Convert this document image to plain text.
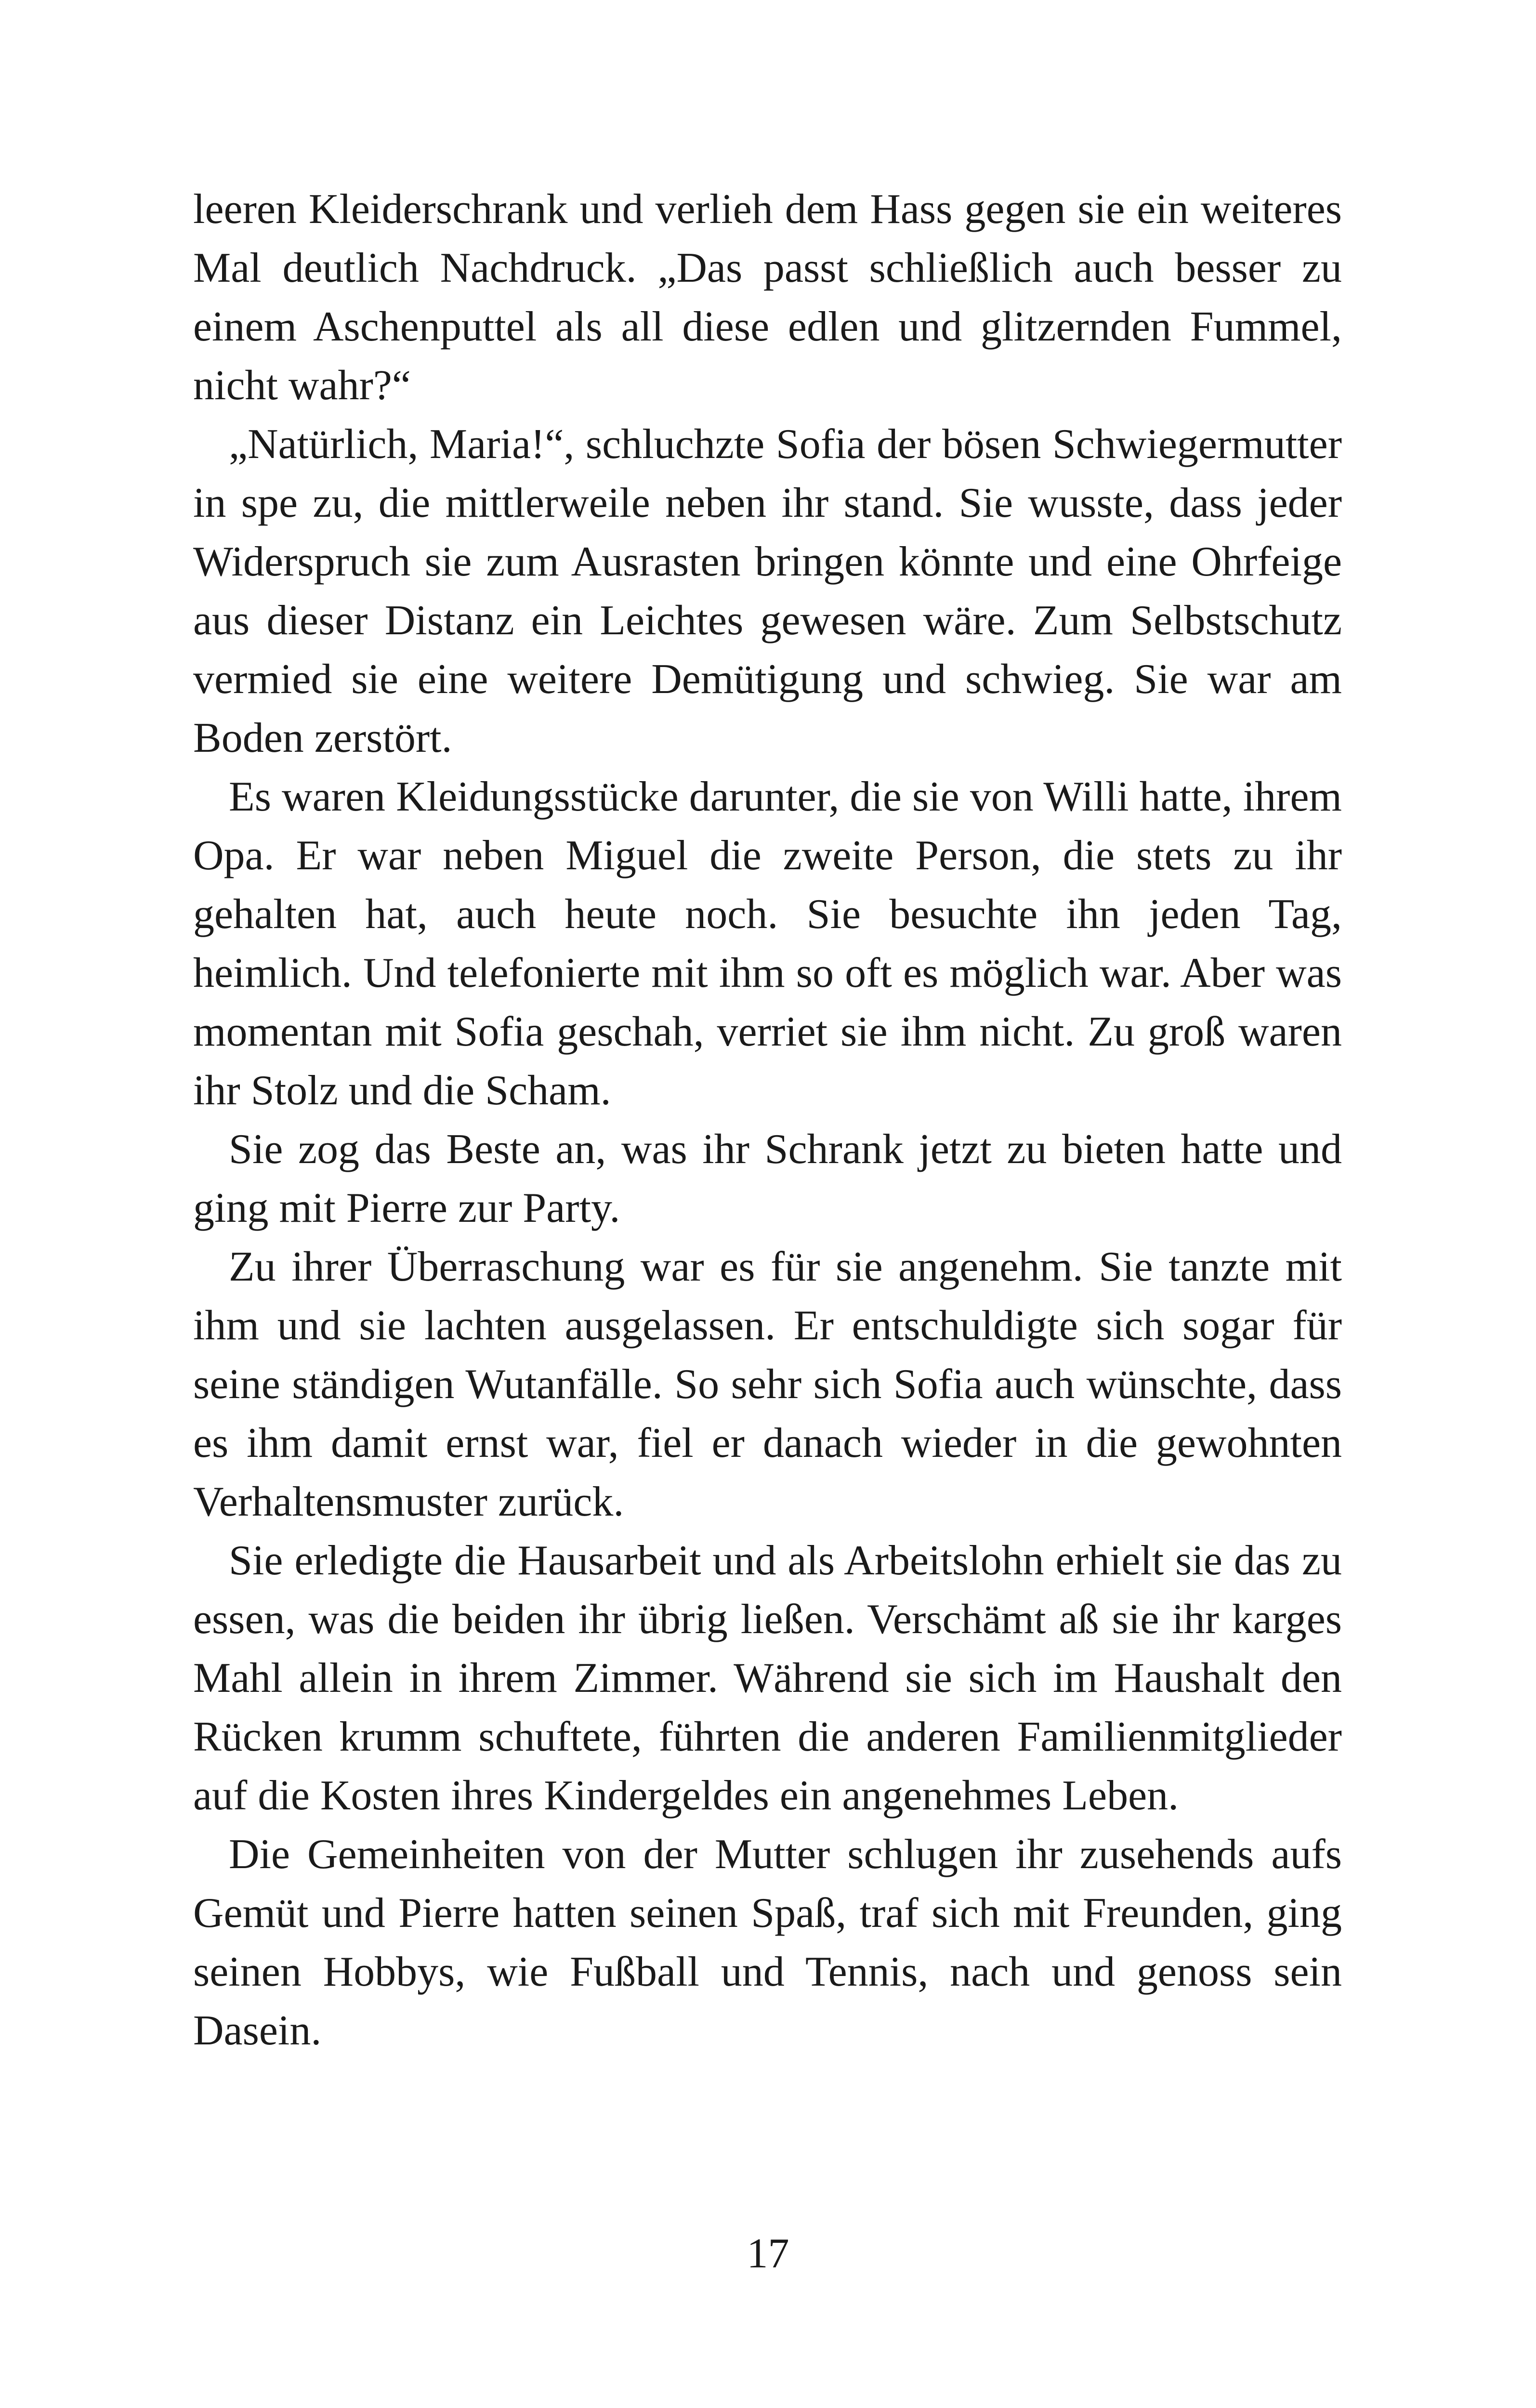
leeren Kleiderschrank und verlieh dem Hass gegen sie ein weiteres Mal deutlich Nachdruck. „Das passt schließlich auch besser zu einem Aschenputtel als all diese edlen und glitzernden Fummel, nicht wahr?“

„Natürlich, Maria!“, schluchzte Sofia der bösen Schwiegermutter in spe zu, die mittlerweile neben ihr stand. Sie wusste, dass jeder Widerspruch sie zum Ausrasten bringen könnte und eine Ohrfeige aus dieser Distanz ein Leichtes gewesen wäre. Zum Selbstschutz vermied sie eine weitere Demütigung und schwieg. Sie war am Boden zerstört.

Es waren Kleidungsstücke darunter, die sie von Willi hatte, ihrem Opa. Er war neben Miguel die zweite Person, die stets zu ihr gehalten hat, auch heute noch. Sie besuchte ihn jeden Tag, heimlich. Und telefonierte mit ihm so oft es möglich war. Aber was momentan mit Sofia geschah, verriet sie ihm nicht. Zu groß waren ihr Stolz und die Scham.

Sie zog das Beste an, was ihr Schrank jetzt zu bieten hatte und ging mit Pierre zur Party.

Zu ihrer Überraschung war es für sie angenehm. Sie tanzte mit ihm und sie lachten ausgelassen. Er entschuldigte sich sogar für seine ständigen Wutanfälle. So sehr sich Sofia auch wünschte, dass es ihm damit ernst war, fiel er danach wieder in die gewohnten Verhaltensmuster zurück.

Sie erledigte die Hausarbeit und als Arbeitslohn erhielt sie das zu essen, was die beiden ihr übrig ließen. Verschämt aß sie ihr karges Mahl allein in ihrem Zimmer. Während sie sich im Haushalt den Rücken krumm schuftete, führten die anderen Familienmitglieder auf die Kosten ihres Kindergeldes ein angenehmes Leben.

Die Gemeinheiten von der Mutter schlugen ihr zusehends aufs Gemüt und Pierre hatten seinen Spaß, traf sich mit Freunden, ging seinen Hobbys, wie Fußball und Tennis, nach und genoss sein Dasein.

17
